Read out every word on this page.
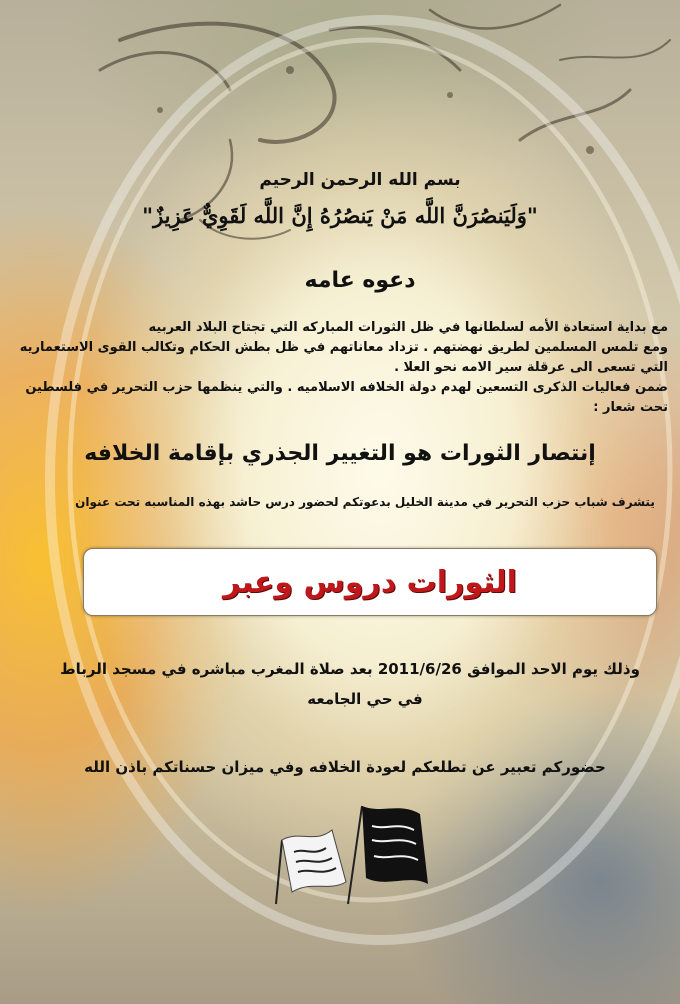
بسم الله الرحمن الرحيم
"وَلَيَنصُرَنَّ اللَّه مَنْ يَنصُرُهُ إِنَّ اللَّه لَقَوِيٌّ عَزِيزٌ"
دعوه عامه
مع بداية استعادة الأمه لسلطانها في ظل الثورات المباركه التي تجتاح البلاد العربيه
ومع تلمس المسلمين لطريق نهضتهم . تزداد معاناتهم في ظل بطش الحكام وتكالب القوى الاستعماريه
التي تسعى الى عرقلة سير الامه نحو العلا .
ضمن فعاليات الذكرى التسعين لهدم دولة الخلافه الاسلاميه . والتي ينظمها حزب التحرير في فلسطين
تحت شعار :
إنتصار الثورات هو التغيير الجذري بإقامة الخلافه
يتشرف شباب حزب التحرير في مدينة الخليل بدعوتكم لحضور درس حاشد بهذه المناسبه تحت عنوان
الثورات دروس وعبر
وذلك يوم الاحد الموافق 2011/6/26 بعد صلاة المغرب مباشره في مسجد الرباط
في حي الجامعه
حضوركم تعبير عن تطلعكم لعودة الخلافه وفي ميزان حسناتكم باذن الله
